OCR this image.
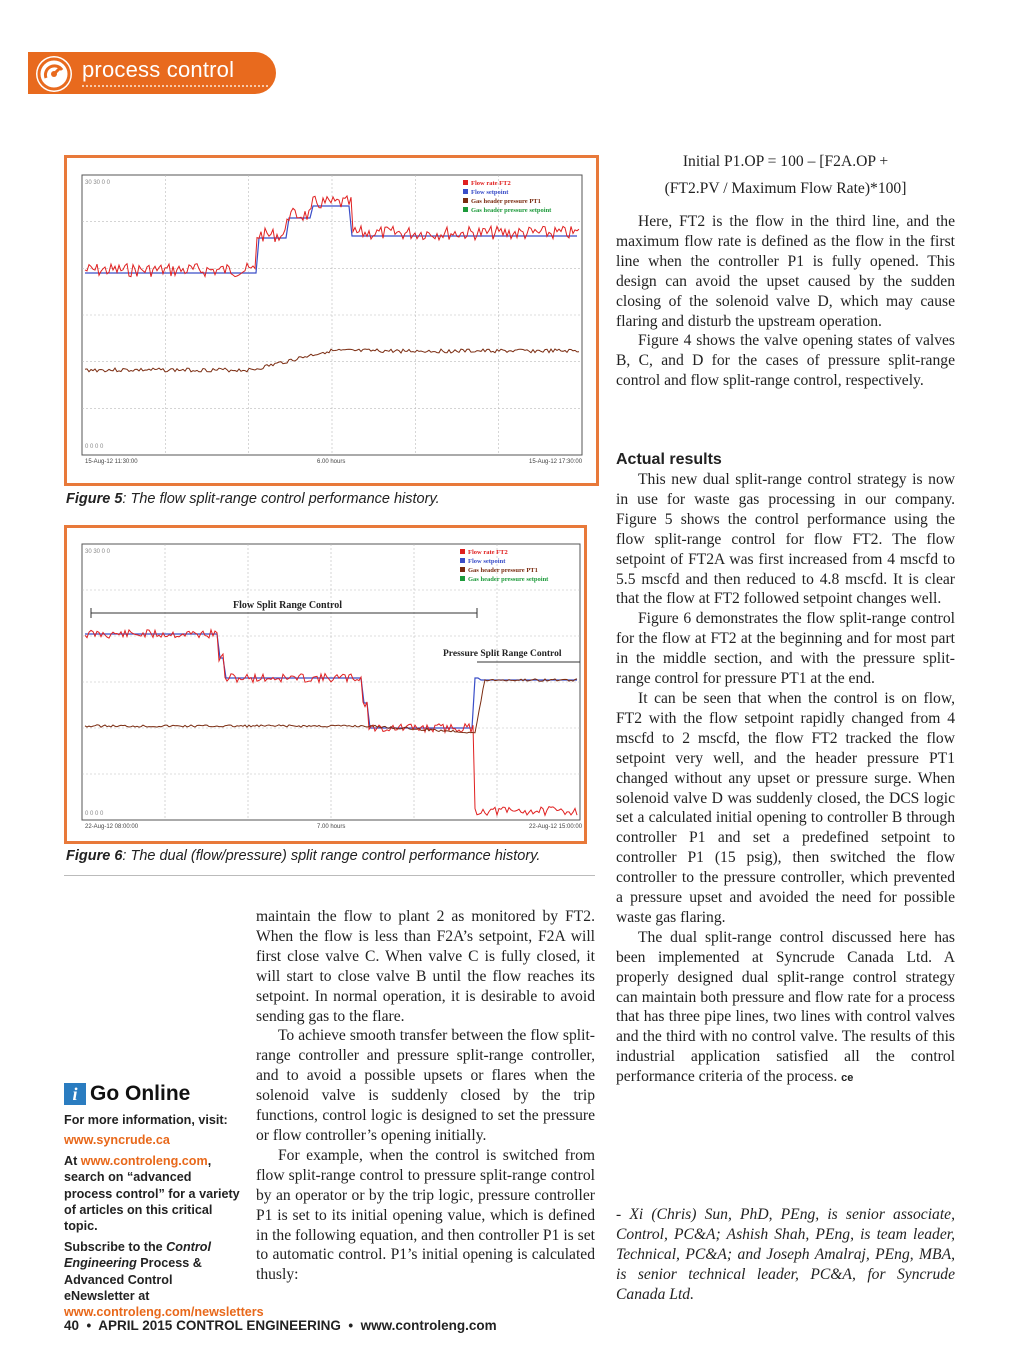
process control
30 30 0 0
0 0 0 0
Flow rate FT2
Flow setpoint
Gas header pressure PT1
Gas header pressure setpoint
15-Aug-12 11:30:00	6.00 hours	15-Aug-12 17:30:00
Figure 5: The flow split-range control performance history.
30 30 0 0
0 0 0 0
Flow rate FT2
Flow setpoint
Gas header pressure PT1
Gas header pressure setpoint
Flow Split Range Control
Pressure Split Range Control
22-Aug-12 08:00:00	7.00 hours	22-Aug-12 15:00:00
Figure 6: The dual (flow/pressure) split range control performance history.

maintain the flow to plant 2 as monitored by FT2. When the flow is less than F2A’s setpoint, F2A will first close valve C. When valve C is fully closed, it will start to close valve B until the flow reaches its setpoint. In normal operation, it is desirable to avoid sending gas to the flare.

To achieve smooth transfer between the flow split-range controller and pressure split-range controller, and to avoid a possible upsets or flares when the solenoid valve is suddenly closed by the trip functions, control logic is designed to set the pressure or flow controller’s opening initially.

For example, when the control is switched from flow split-range control to pressure split-range control by an operator or by the trip logic, pressure controller P1 is set to its initial opening value, which is defined in the following equation, and then controller P1 is set to automatic control. P1’s initial opening is calculated thusly:

Initial P1.OP = 100 – [F2A.OP +
(FT2.PV / Maximum Flow Rate)*100]

Here, FT2 is the flow in the third line, and the maximum flow rate is defined as the flow in the first line when the controller P1 is fully opened. This design can avoid the upset caused by the sudden closing of the solenoid valve D, which may cause flaring and disturb the upstream operation.

Figure 4 shows the valve opening states of valves B, C, and D for the cases of pressure split-range control and flow split-range control, respectively.

Actual results

This new dual split-range control strategy is now in use for waste gas processing in our company. Figure 5 shows the control performance using the flow split-range control for flow FT2. The flow setpoint of FT2A was first increased from 4 mscfd to 5.5 mscfd and then reduced to 4.8 mscfd. It is clear that the flow at FT2 followed setpoint changes well.

Figure 6 demonstrates the flow split-range control for the flow at FT2 at the beginning and for most part in the middle section, and with the pressure split-range control for pressure PT1 at the end.

It can be seen that when the control is on flow, FT2 with the flow setpoint rapidly changed from 4 mscfd to 2 mscfd, the flow FT2 tracked the flow setpoint very well, and the header pressure PT1 changed without any upset or pressure surge. When solenoid valve D was suddenly closed, the DCS logic set a calculated initial opening to controller B through controller P1 and set a predefined setpoint to controller P1 (15 psig), then switched the flow controller to the pressure controller, which prevented a pressure upset and avoided the need for possible waste gas flaring.

The dual split-range control discussed here has been implemented at Syncrude Canada Ltd. A properly designed dual split-range control strategy can maintain both pressure and flow rate for a process that has three pipe lines, two lines with control valves and the third with no control valve. The results of this industrial application satisfied all the control performance criteria of the process. ce

- Xi (Chris) Sun, PhD, PEng, is senior associate, Control, PC&A; Ashish Shah, PEng, is team leader, Technical, PC&A; and Joseph Amalraj, PEng, MBA, is senior technical leader, PC&A, for Syncrude Canada Ltd.
i Go Online
For more information, visit:
www.syncrude.ca
At www.controleng.com, search on “advanced process control” for a variety of articles on this critical topic.
Subscribe to the Control Engineering Process & Advanced Control eNewsletter at www.controleng.com/newsletters
40  •  APRIL 2015 CONTROL ENGINEERING  •  www.controleng.com
